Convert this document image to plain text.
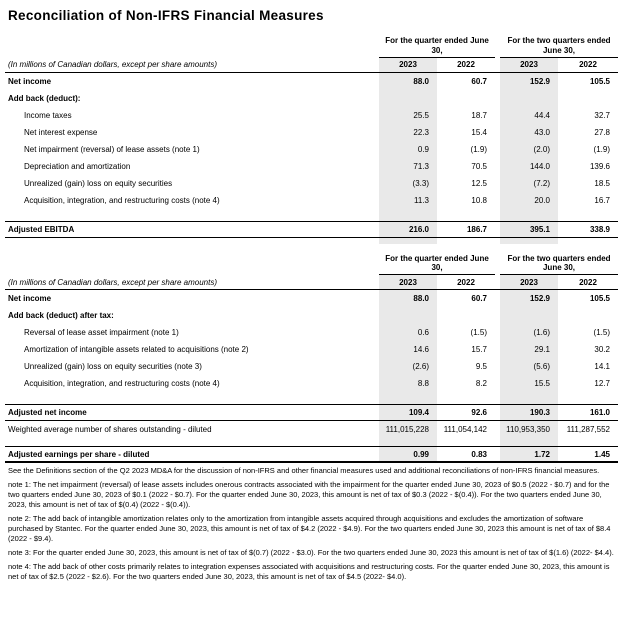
Reconciliation of Non-IFRS Financial Measures
For the quarter ended June 30,
For the two quarters ended June 30,
(In millions of Canadian dollars, except per share amounts)	2023	2022	2023	2022
Net income	88.0	60.7	152.9	105.5
Add back (deduct):
Income taxes	25.5	18.7	44.4	32.7
Net interest expense	22.3	15.4	43.0	27.8
Net impairment (reversal) of lease assets (note 1)	0.9	(1.9)	(2.0)	(1.9)
Depreciation and amortization	71.3	70.5	144.0	139.6
Unrealized (gain) loss on equity securities	(3.3)	12.5	(7.2)	18.5
Acquisition, integration, and restructuring costs (note 4)	11.3	10.8	20.0	16.7
Adjusted EBITDA	216.0	186.7	395.1	338.9
For the quarter ended June 30,
For the two quarters ended June 30,
(In millions of Canadian dollars, except per share amounts)	2023	2022	2023	2022
Net income	88.0	60.7	152.9	105.5
Add back (deduct) after tax:
Reversal of lease asset impairment (note 1)	0.6	(1.5)	(1.6)	(1.5)
Amortization of intangible assets related to acquisitions (note 2)	14.6	15.7	29.1	30.2
Unrealized (gain) loss on equity securities (note 3)	(2.6)	9.5	(5.6)	14.1
Acquisition, integration, and restructuring costs (note 4)	8.8	8.2	15.5	12.7
Adjusted net income	109.4	92.6	190.3	161.0
Weighted average number of shares outstanding - diluted	111,015,228	111,054,142	110,953,350	111,287,552
Adjusted earnings per share - diluted	0.99	0.83	1.72	1.45

See the Definitions section of the Q2 2023 MD&A for the discussion of non-IFRS and other financial measures used and additional reconciliations of non-IFRS financial measures.

note 1: The net impairment (reversal) of lease assets includes onerous contracts associated with the impairment for the quarter ended June 30, 2023 of $0.5 (2022 - $0.7) and for the two quarters ended June 30, 2023 of $0.1 (2022 - $0.7). For the quarter ended June 30, 2023, this amount is net of tax of $0.3 (2022 - $(0.4)). For the two quarters ended June 30, 2023, this amount is net of tax of $(0.4) (2022 - $(0.4)).

note 2: The add back of intangible amortization relates only to the amortization from intangible assets acquired through acquisitions and excludes the amortization of software purchased by Stantec. For the quarter ended June 30, 2023, this amount is net of tax of $4.2 (2022 - $4.9). For the two quarters ended June 30, 2023 this amount is net of tax of $8.4 (2022 - $9.4).

note 3: For the quarter ended June 30, 2023, this amount is net of tax of $(0.7) (2022 - $3.0). For the two quarters ended June 30, 2023 this amount is net of tax of $(1.6) (2022- $4.4).

note 4: The add back of other costs primarily relates to integration expenses associated with acquisitions and restructuring costs. For the quarter ended June 30, 2023, this amount is net of tax of $2.5 (2022 - $2.6). For the two quarters ended June 30, 2023, this amount is net of tax of $4.5 (2022- $4.0).
